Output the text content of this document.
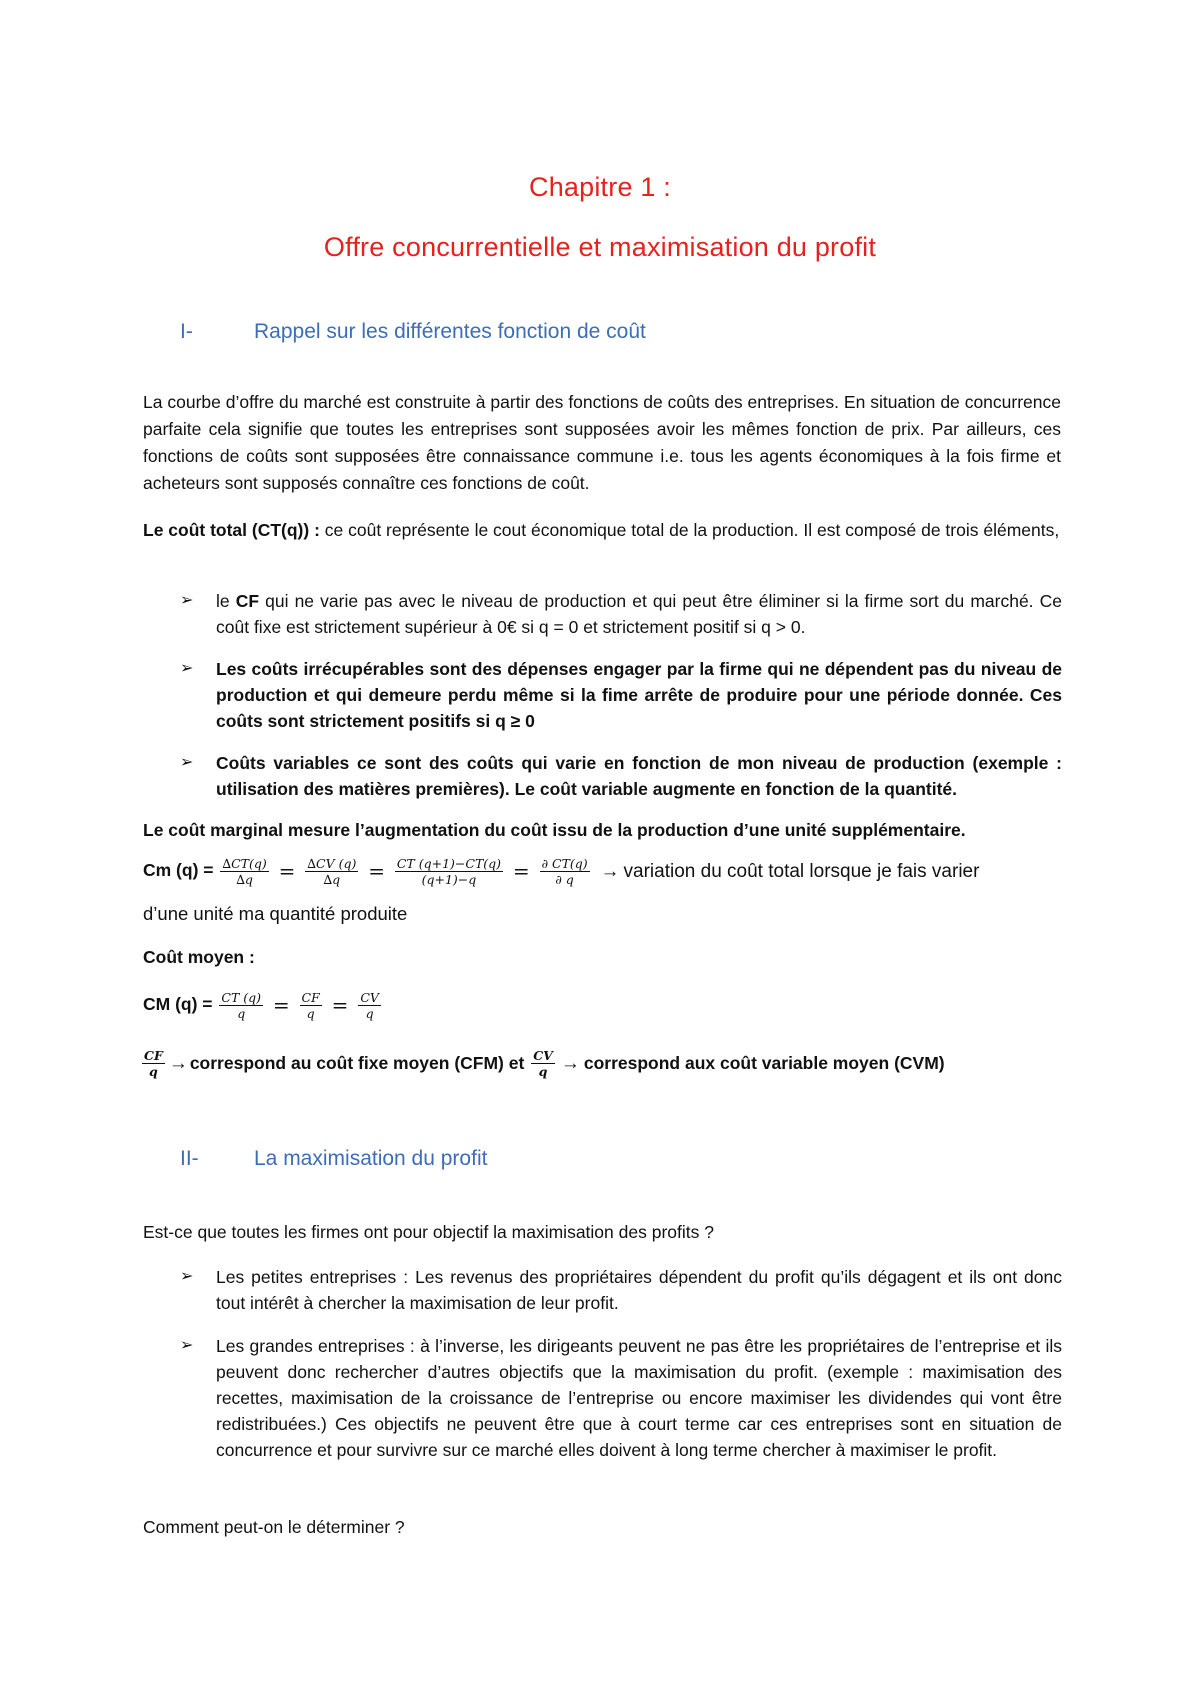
Chapitre 1 :
Offre concurrentielle et maximisation du profit
I-	Rappel sur les différentes fonction de coût

La courbe d’offre du marché est construite à partir des fonctions de coûts des entreprises. En situation de concurrence parfaite cela signifie que toutes les entreprises sont supposées avoir les mêmes fonction de prix. Par ailleurs, ces fonctions de coûts sont supposées être connaissance commune i.e. tous les agents économiques à la fois firme et acheteurs sont supposés connaître ces fonctions de coût.

Le coût total (CT(q)) : ce coût représente le cout économique total de la production. Il est composé de trois éléments,

➢ le CF qui ne varie pas avec le niveau de production et qui peut être éliminer si la firme sort du marché. Ce coût fixe est strictement supérieur à 0€ si q = 0 et strictement positif si q > 0.
➢ Les coûts irrécupérables sont des dépenses engager par la firme qui ne dépendent pas du niveau de production et qui demeure perdu même si la fime arrête de produire pour une période donnée. Ces coûts sont strictement positifs si q ≥ 0
➢ Coûts variables ce sont des coûts qui varie en fonction de mon niveau de production (exemple : utilisation des matières premières). Le coût variable augmente en fonction de la quantité.
Le coût marginal mesure l’augmentation du coût issu de la production d’une unité supplémentaire.
Cm $(q) = \frac{\Delta CT(q)}{\Delta q} = \frac{\Delta CV (q)}{\Delta q} = \frac{CT (q+1)-CT(q)}{(q+1)-q} = \frac{\partial CT(q)}{\partial q}$ → variation du coût total lorsque je fais varier
d’une unité ma quantité produite
Coût moyen :
CM $(q) = \frac{CT (q)}{q} = \frac{CF}{q} = \frac{CV}{q}$
$\frac{CF}{q}$ → correspond au coût fixe moyen (CFM) et $\frac{CV}{q}$ → correspond aux coût variable moyen (CVM)
II-	La maximisation du profit
Est-ce que toutes les firmes ont pour objectif la maximisation des profits ?
➢ Les petites entreprises : Les revenus des propriétaires dépendent du profit qu’ils dégagent et ils ont donc tout intérêt à chercher la maximisation de leur profit.
➢ Les grandes entreprises : à l’inverse, les dirigeants peuvent ne pas être les propriétaires de l’entreprise et ils peuvent donc rechercher d’autres objectifs que la maximisation du profit. (exemple : maximisation des recettes, maximisation de la croissance de l’entreprise ou encore maximiser les dividendes qui vont être redistribuées.) Ces objectifs ne peuvent être que à court terme car ces entreprises sont en situation de concurrence et pour survivre sur ce marché elles doivent à long terme chercher à maximiser le profit.
Comment peut-on le déterminer ?
